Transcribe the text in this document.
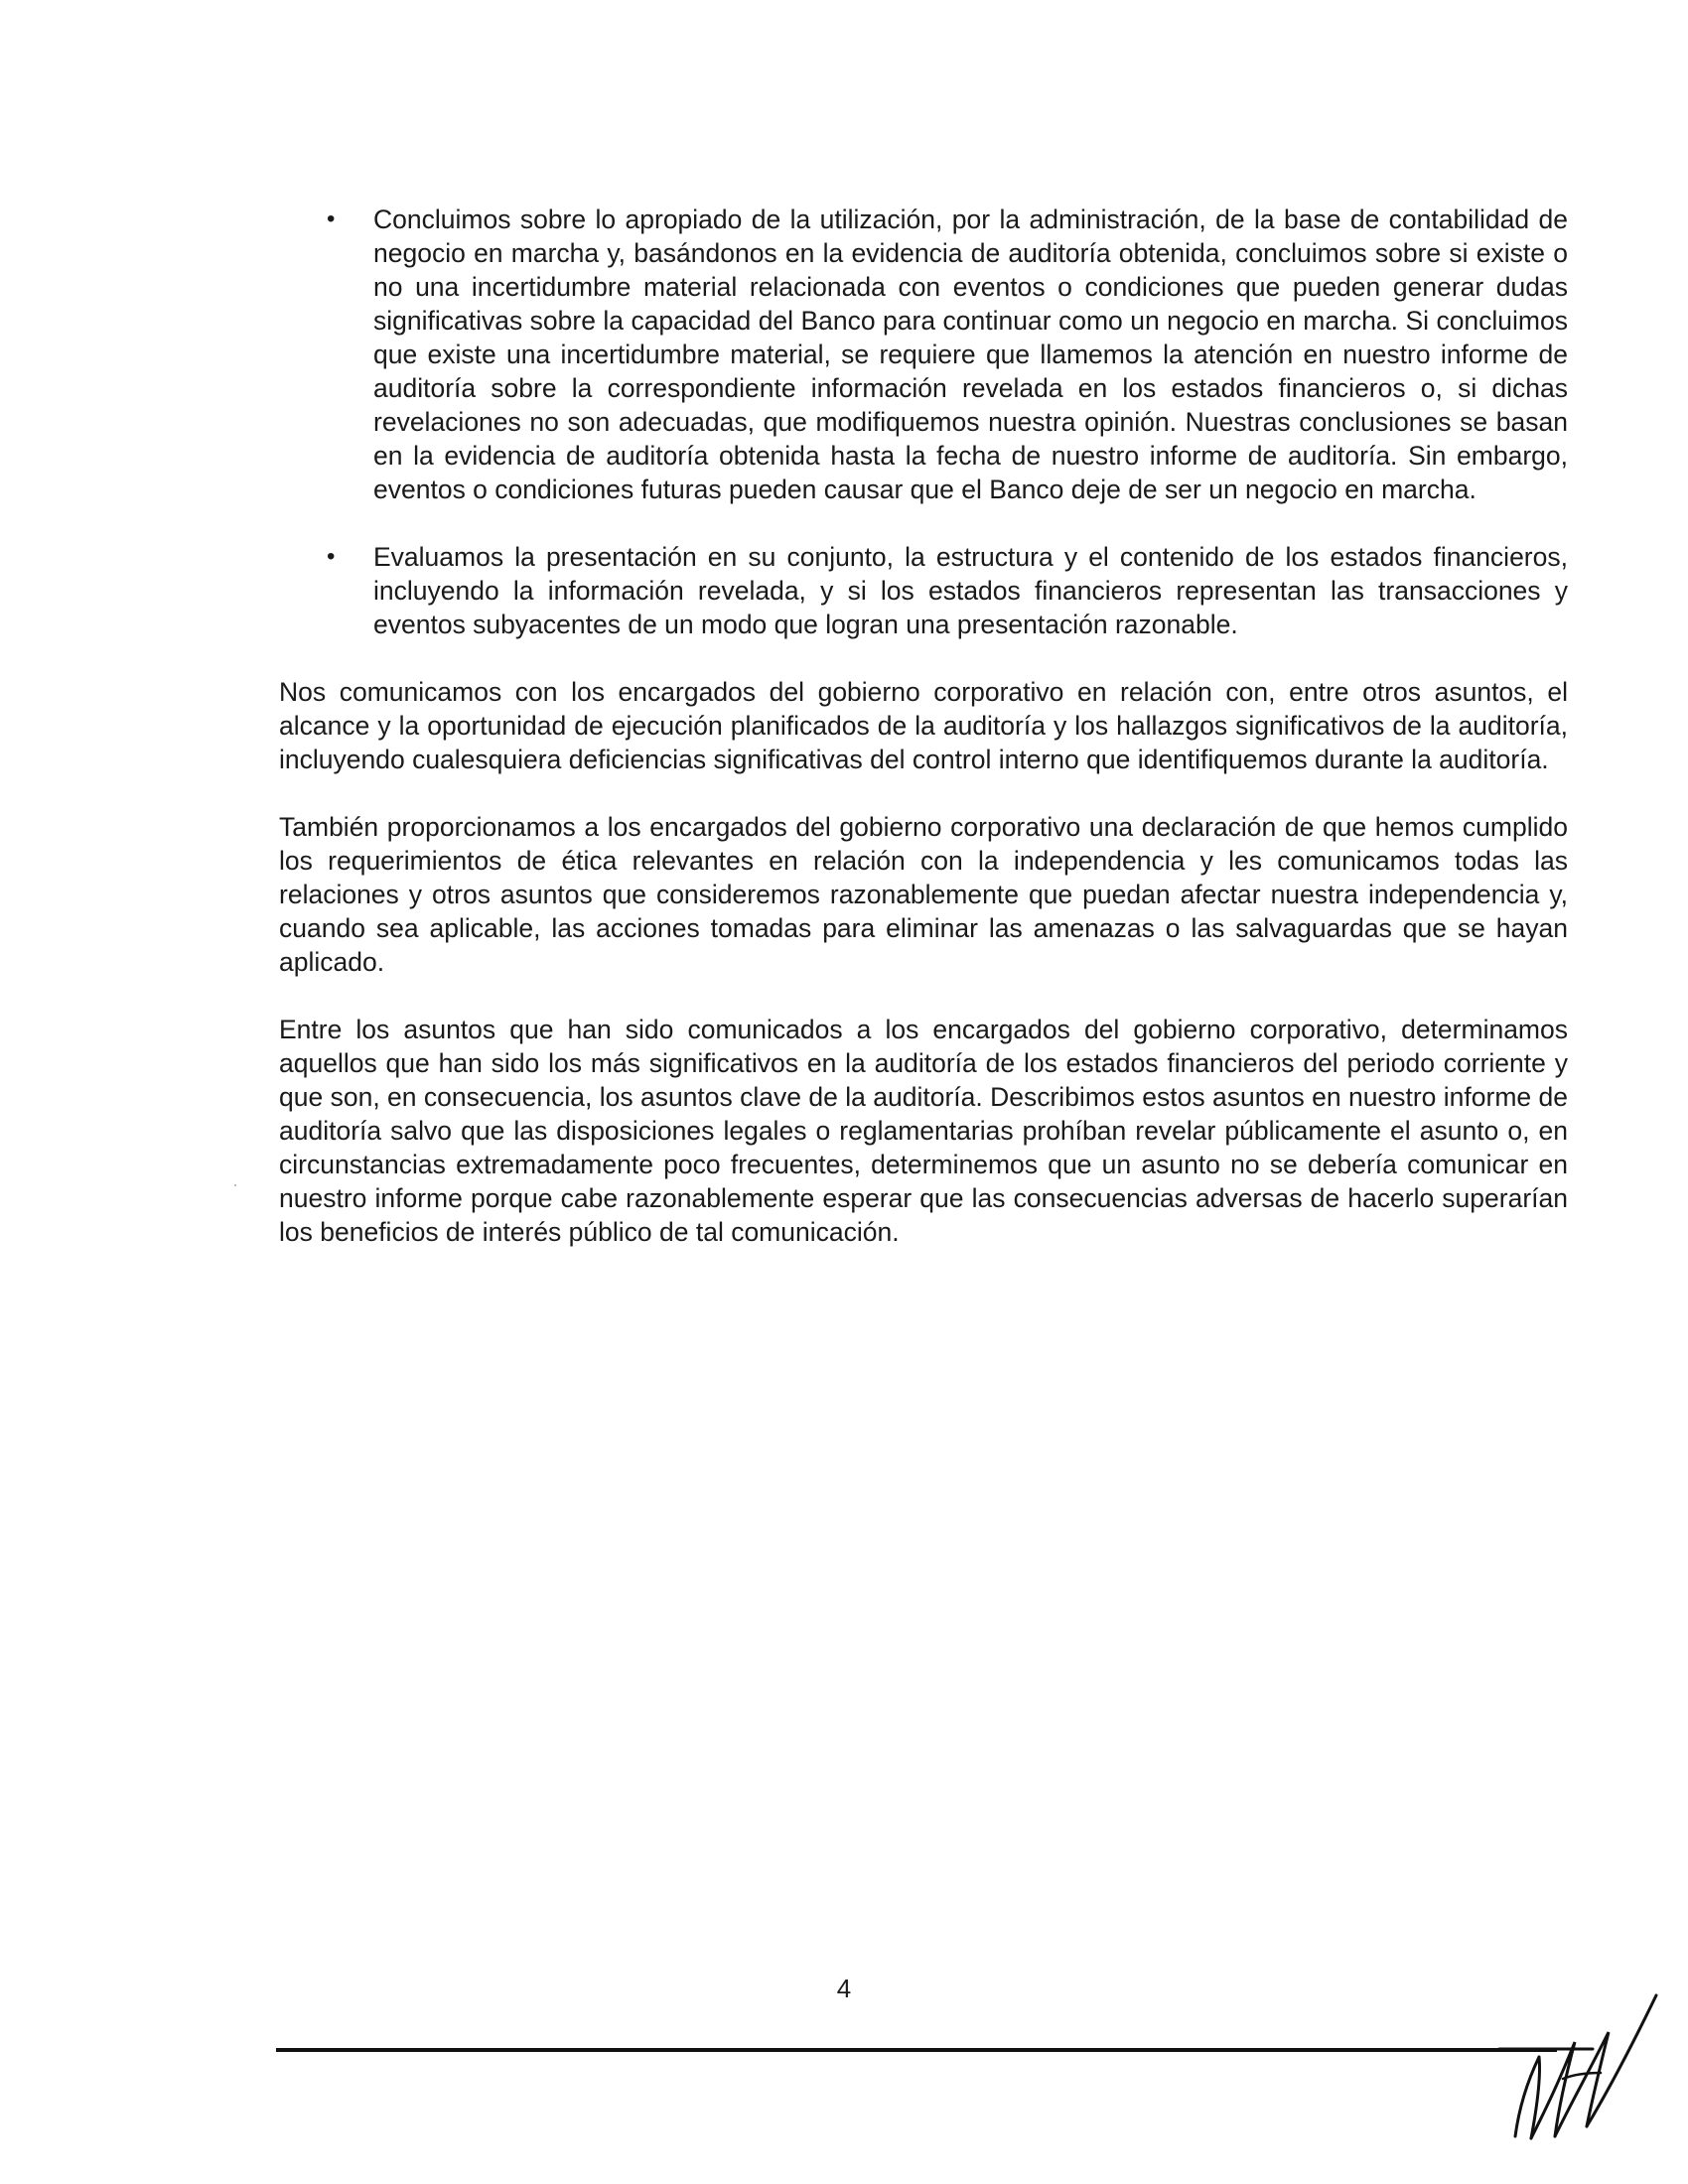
• Concluimos sobre lo apropiado de la utilización, por la administración, de la base de contabilidad de negocio en marcha y, basándonos en la evidencia de auditoría obtenida, concluimos sobre si existe o no una incertidumbre material relacionada con eventos o condiciones que pueden generar dudas significativas sobre la capacidad del Banco para continuar como un negocio en marcha. Si concluimos que existe una incertidumbre material, se requiere que llamemos la atención en nuestro informe de auditoría sobre la correspondiente información revelada en los estados financieros o, si dichas revelaciones no son adecuadas, que modifiquemos nuestra opinión. Nuestras conclusiones se basan en la evidencia de auditoría obtenida hasta la fecha de nuestro informe de auditoría. Sin embargo, eventos o condiciones futuras pueden causar que el Banco deje de ser un negocio en marcha.
• Evaluamos la presentación en su conjunto, la estructura y el contenido de los estados financieros, incluyendo la información revelada, y si los estados financieros representan las transacciones y eventos subyacentes de un modo que logran una presentación razonable.

Nos comunicamos con los encargados del gobierno corporativo en relación con, entre otros asuntos, el alcance y la oportunidad de ejecución planificados de la auditoría y los hallazgos significativos de la auditoría, incluyendo cualesquiera deficiencias significativas del control interno que identifiquemos durante la auditoría.

También proporcionamos a los encargados del gobierno corporativo una declaración de que hemos cumplido los requerimientos de ética relevantes en relación con la independencia y les comunicamos todas las relaciones y otros asuntos que consideremos razonablemente que puedan afectar nuestra independencia y, cuando sea aplicable, las acciones tomadas para eliminar las amenazas o las salvaguardas que se hayan aplicado.

Entre los asuntos que han sido comunicados a los encargados del gobierno corporativo, determinamos aquellos que han sido los más significativos en la auditoría de los estados financieros del periodo corriente y que son, en consecuencia, los asuntos clave de la auditoría. Describimos estos asuntos en nuestro informe de auditoría salvo que las disposiciones legales o reglamentarias prohíban revelar públicamente el asunto o, en circunstancias extremadamente poco frecuentes, determinemos que un asunto no se debería comunicar en nuestro informe porque cabe razonablemente esperar que las consecuencias adversas de hacerlo superarían los beneficios de interés público de tal comunicación.

4
